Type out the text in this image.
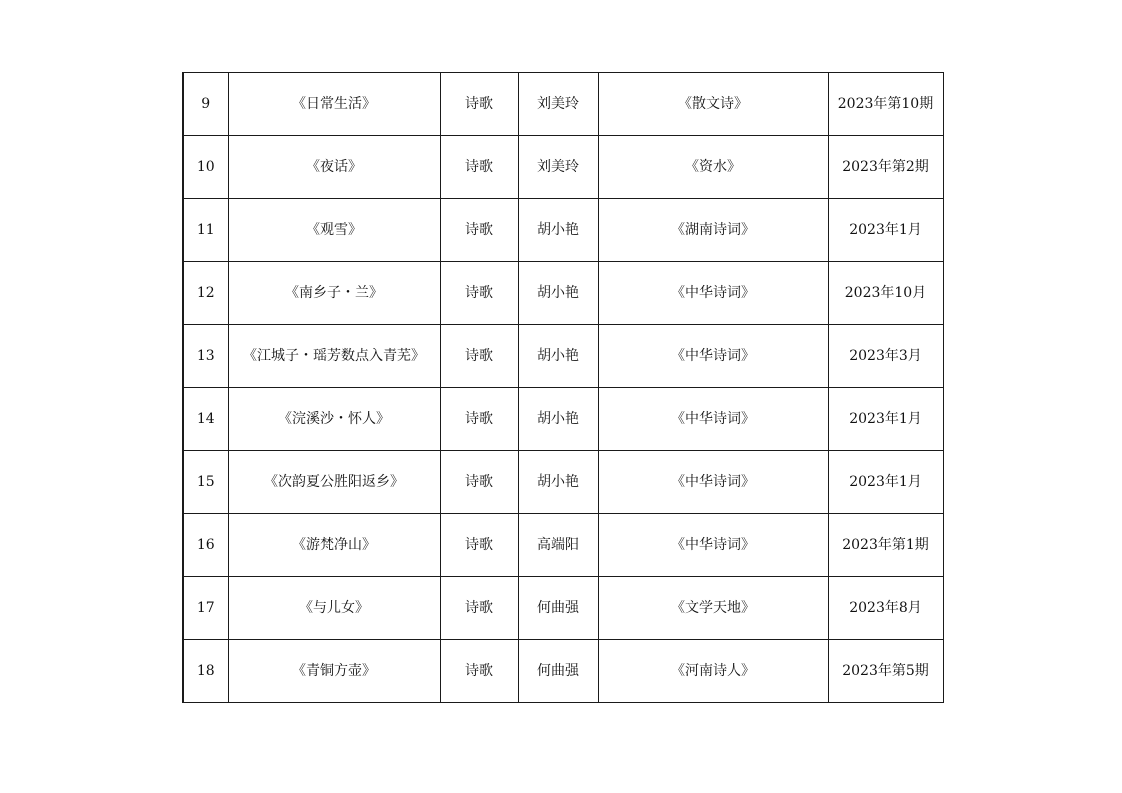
9	《日常生活》	诗歌	刘美玲	《散文诗》	2023年第10期
10	《夜话》	诗歌	刘美玲	《资水》	2023年第2期
11	《观雪》	诗歌	胡小艳	《湖南诗词》	2023年1月
12	《南乡子・兰》	诗歌	胡小艳	《中华诗词》	2023年10月
13	《江城子・瑶芳数点入青芜》	诗歌	胡小艳	《中华诗词》	2023年3月
14	《浣溪沙・怀人》	诗歌	胡小艳	《中华诗词》	2023年1月
15	《次韵夏公胜阳返乡》	诗歌	胡小艳	《中华诗词》	2023年1月
16	《游梵净山》	诗歌	高端阳	《中华诗词》	2023年第1期
17	《与儿女》	诗歌	何曲强	《文学天地》	2023年8月
18	《青铜方壶》	诗歌	何曲强	《河南诗人》	2023年第5期
